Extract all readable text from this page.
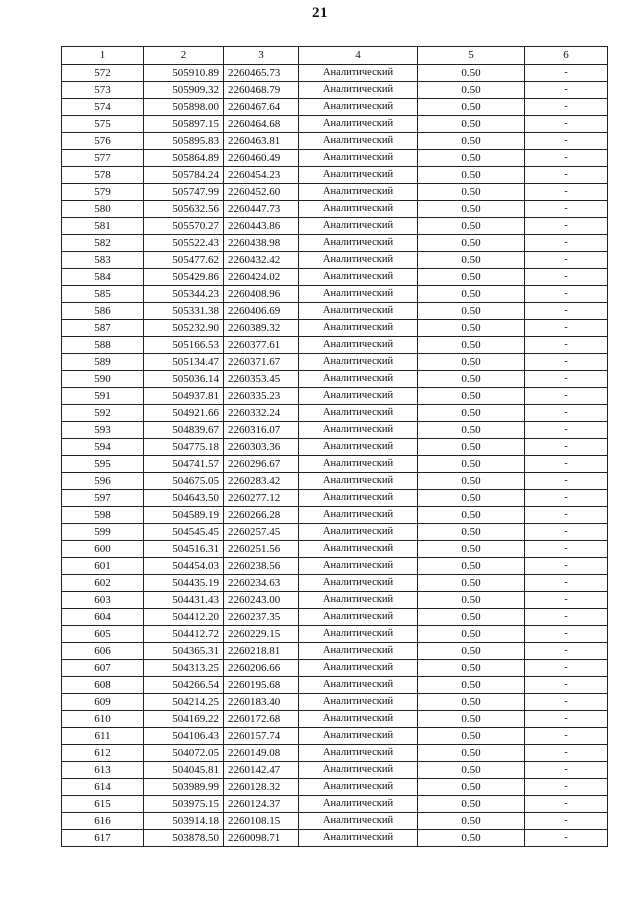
21
1	2	3	4	5	6
572	505910.89	2260465.73	Аналитический	0.50	-
573	505909.32	2260468.79	Аналитический	0.50	-
574	505898.00	2260467.64	Аналитический	0.50	-
575	505897.15	2260464.68	Аналитический	0.50	-
576	505895.83	2260463.81	Аналитический	0.50	-
577	505864.89	2260460.49	Аналитический	0.50	-
578	505784.24	2260454.23	Аналитический	0.50	-
579	505747.99	2260452.60	Аналитический	0.50	-
580	505632.56	2260447.73	Аналитический	0.50	-
581	505570.27	2260443.86	Аналитический	0.50	-
582	505522.43	2260438.98	Аналитический	0.50	-
583	505477.62	2260432.42	Аналитический	0.50	-
584	505429.86	2260424.02	Аналитический	0.50	-
585	505344.23	2260408.96	Аналитический	0.50	-
586	505331.38	2260406.69	Аналитический	0.50	-
587	505232.90	2260389.32	Аналитический	0.50	-
588	505166.53	2260377.61	Аналитический	0.50	-
589	505134.47	2260371.67	Аналитический	0.50	-
590	505036.14	2260353.45	Аналитический	0.50	-
591	504937.81	2260335.23	Аналитический	0.50	-
592	504921.66	2260332.24	Аналитический	0.50	-
593	504839.67	2260316.07	Аналитический	0.50	-
594	504775.18	2260303.36	Аналитический	0.50	-
595	504741.57	2260296.67	Аналитический	0.50	-
596	504675.05	2260283.42	Аналитический	0.50	-
597	504643.50	2260277.12	Аналитический	0.50	-
598	504589.19	2260266.28	Аналитический	0.50	-
599	504545.45	2260257.45	Аналитический	0.50	-
600	504516.31	2260251.56	Аналитический	0.50	-
601	504454.03	2260238.56	Аналитический	0.50	-
602	504435.19	2260234.63	Аналитический	0.50	-
603	504431.43	2260243.00	Аналитический	0.50	-
604	504412.20	2260237.35	Аналитический	0.50	-
605	504412.72	2260229.15	Аналитический	0.50	-
606	504365.31	2260218.81	Аналитический	0.50	-
607	504313.25	2260206.66	Аналитический	0.50	-
608	504266.54	2260195.68	Аналитический	0.50	-
609	504214.25	2260183.40	Аналитический	0.50	-
610	504169.22	2260172.68	Аналитический	0.50	-
611	504106.43	2260157.74	Аналитический	0.50	-
612	504072.05	2260149.08	Аналитический	0.50	-
613	504045.81	2260142.47	Аналитический	0.50	-
614	503989.99	2260128.32	Аналитический	0.50	-
615	503975.15	2260124.37	Аналитический	0.50	-
616	503914.18	2260108.15	Аналитический	0.50	-
617	503878.50	2260098.71	Аналитический	0.50	-
